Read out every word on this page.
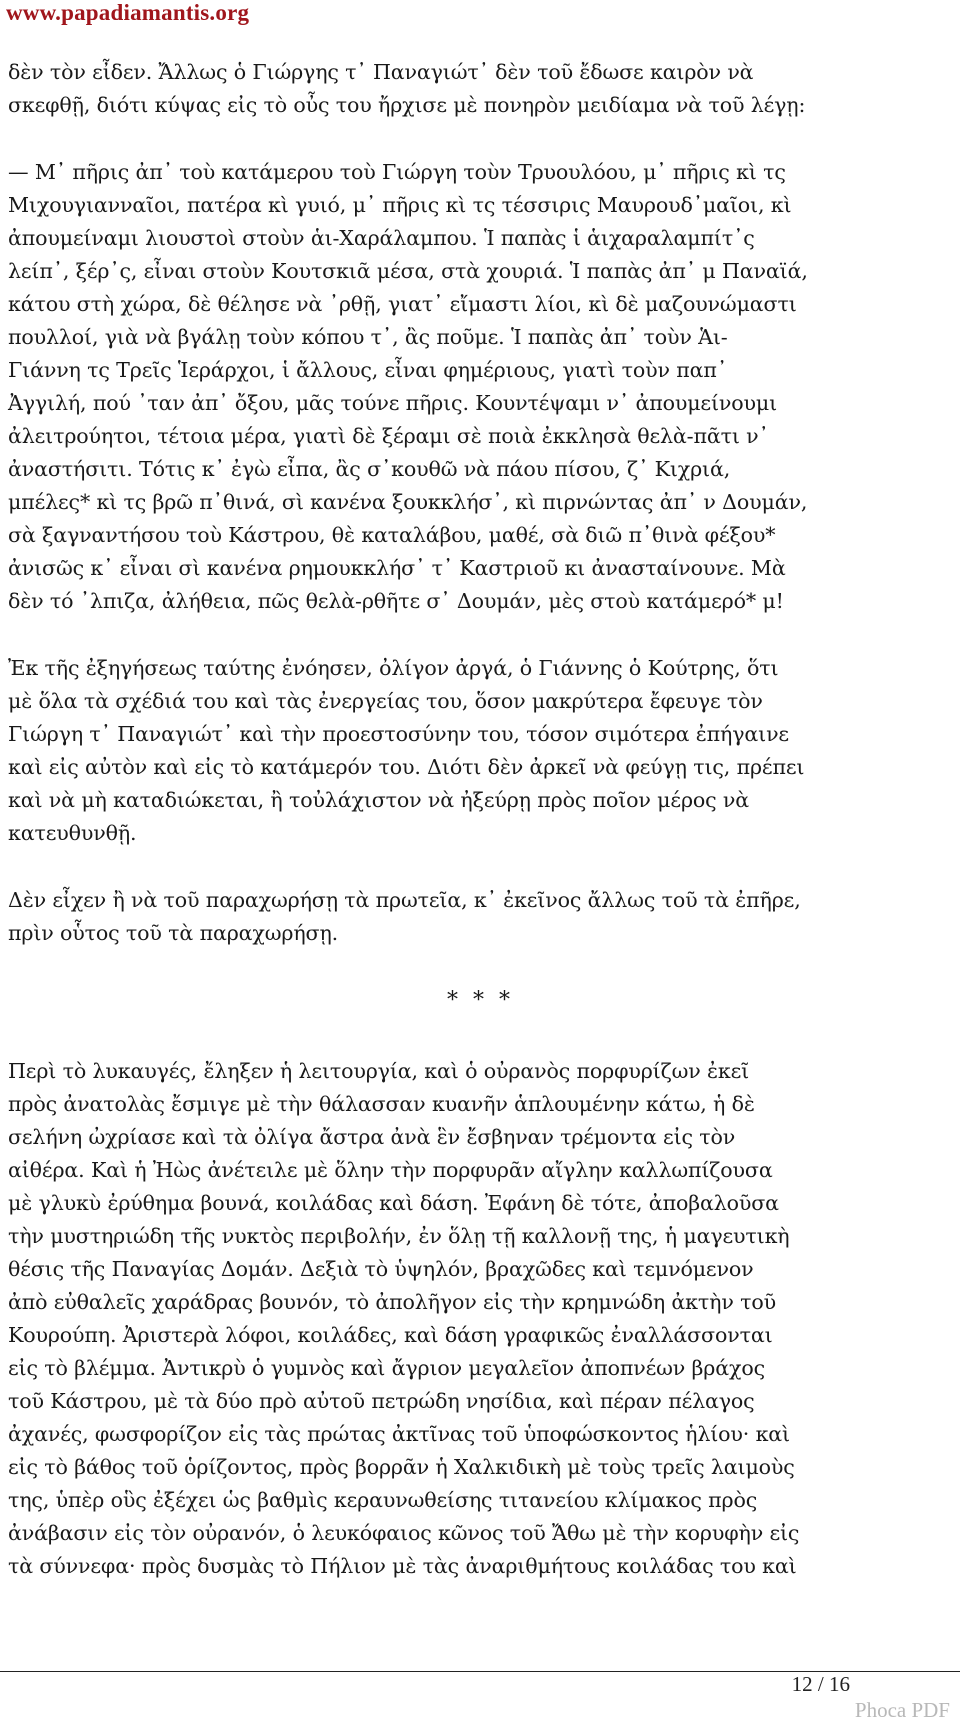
www.papadiamantis.org

δὲν τὸν εἶδεν. Ἄλλως ὁ Γιώργης τ᾽ Παναγιώτ᾽ δὲν τοῦ ἔδωσε καιρὸν νὰ
σκεφθῇ, διότι κύψας εἰς τὸ οὖς του ἤρχισε μὲ πονηρὸν μειδίαμα νὰ τοῦ λέγῃ:

— Μ᾽ πῆρις ἀπ᾽ τοὺ κατάμερου τοὺ Γιώργη τοὺν Τρυουλόου, μ᾽ πῆρις κὶ τς
Μιχουγιανναῖοι, πατέρα κὶ γυιό, μ᾽ πῆρις κὶ τς τέσσιρις Μαυρουδ᾽μαῖοι, κὶ
ἀπουμείναμι λιουστοὶ στοὺν ἁι-Χαράλαμπου. Ἱ παπὰς ἱ ἁιχαραλαμπίτ᾽ς
λείπ᾽, ξέρ᾽ς, εἶναι στοὺν Κουτσκιᾶ μέσα, στὰ χουριά. Ἱ παπὰς ἀπ᾽ μ Παναϊά,
κάτου στὴ χώρα, δὲ θέλησε νὰ ᾽ρθῇ, γιατ᾽ εἴμαστι λίοι, κὶ δὲ μαζουνώμαστι
πουλλοί, γιὰ νὰ βγάλῃ τοὺν κόπου τ᾽, ἂς ποῦμε. Ἱ παπὰς ἀπ᾽ τοὺν Ἁι-
Γιάννη τς Τρεῖς Ἱεράρχοι, ἱ ἄλλους, εἶναι φημέριους, γιατὶ τοὺν παπ᾽
Ἀγγιλή, πού ᾽ταν ἀπ᾽ ὄξου, μᾶς τούνε πῆρις. Κουντέψαμι ν᾽ ἀπουμείνουμι
ἀλειτρούητοι, τέτοια μέρα, γιατὶ δὲ ξέραμι σὲ ποιὰ ἐκκλησὰ θελὰ-πᾶτι ν᾽
ἀναστήσιτι. Τότις κ᾽ ἐγὼ εἶπα, ἂς σ᾽κουθῶ νὰ πάου πίσου, ζ᾽ Κιχριά,
μπέλες* κὶ τς βρῶ π᾽θινά, σὶ κανένα ξουκκλήσ᾽, κὶ πιρνώντας ἀπ᾽ ν Δουμάν,
σὰ ξαγναντήσου τοὺ Κάστρου, θὲ καταλάβου, μαθέ, σὰ διῶ π᾽θινὰ φέξου*
ἀνισῶς κ᾽ εἶναι σὶ κανένα ρημουκκλήσ᾽ τ᾽ Καστριοῦ κι ἀνασταίνουνε. Μὰ
δὲν τό ᾽λπιζα, ἀλήθεια, πῶς θελὰ-ρθῆτε σ᾽ Δουμάν, μὲς στοὺ κατάμερό* μ!

Ἐκ τῆς ἐξηγήσεως ταύτης ἐνόησεν, ὀλίγον ἀργά, ὁ Γιάννης ὁ Κούτρης, ὅτι
μὲ ὅλα τὰ σχέδιά του καὶ τὰς ἐνεργείας του, ὅσον μακρύτερα ἔφευγε τὸν
Γιώργη τ᾽ Παναγιώτ᾽ καὶ τὴν προεστοσύνην του, τόσον σιμότερα ἐπήγαινε
καὶ εἰς αὐτὸν καὶ εἰς τὸ κατάμερόν του. Διότι δὲν ἀρκεῖ νὰ φεύγῃ τις, πρέπει
καὶ νὰ μὴ καταδιώκεται, ἢ τοὐλάχιστον νὰ ἠξεύρῃ πρὸς ποῖον μέρος νὰ
κατευθυνθῇ.

Δὲν εἶχεν ἢ νὰ τοῦ παραχωρήσῃ τὰ πρωτεῖα, κ᾽ ἐκεῖνος ἄλλως τοῦ τὰ ἐπῆρε,
πρὶν οὗτος τοῦ τὰ παραχωρήσῃ.

* * *

Περὶ τὸ λυκαυγές, ἔληξεν ἡ λειτουργία, καὶ ὁ οὐρανὸς πορφυρίζων ἐκεῖ
πρὸς ἀνατολὰς ἔσμιγε μὲ τὴν θάλασσαν κυανῆν ἁπλουμένην κάτω, ἡ δὲ
σελήνη ὠχρίασε καὶ τὰ ὀλίγα ἄστρα ἀνὰ ἓν ἔσβηναν τρέμοντα εἰς τὸν
αἰθέρα. Καὶ ἡ Ἠὼς ἀνέτειλε μὲ ὅλην τὴν πορφυρᾶν αἴγλην καλλωπίζουσα
μὲ γλυκὺ ἐρύθημα βουνά, κοιλάδας καὶ δάση. Ἐφάνη δὲ τότε, ἀποβαλοῦσα
τὴν μυστηριώδη τῆς νυκτὸς περιβολήν, ἐν ὅλῃ τῇ καλλονῇ της, ἡ μαγευτικὴ
θέσις τῆς Παναγίας Δομάν. Δεξιὰ τὸ ὑψηλόν, βραχῶδες καὶ τεμνόμενον
ἀπὸ εὐθαλεῖς χαράδρας βουνόν, τὸ ἀπολῆγον εἰς τὴν κρημνώδη ἀκτὴν τοῦ
Κουρούπη. Ἀριστερὰ λόφοι, κοιλάδες, καὶ δάση γραφικῶς ἐναλλάσσονται
εἰς τὸ βλέμμα. Ἀντικρὺ ὁ γυμνὸς καὶ ἄγριον μεγαλεῖον ἀποπνέων βράχος
τοῦ Κάστρου, μὲ τὰ δύο πρὸ αὐτοῦ πετρώδη νησίδια, καὶ πέραν πέλαγος
ἀχανές, φωσφορίζον εἰς τὰς πρώτας ἀκτῖνας τοῦ ὑποφώσκοντος ἡλίου· καὶ
εἰς τὸ βάθος τοῦ ὁρίζοντος, πρὸς βορρᾶν ἡ Χαλκιδικὴ μὲ τοὺς τρεῖς λαιμοὺς
της, ὑπὲρ οὓς ἐξέχει ὡς βαθμὶς κεραυνωθείσης τιτανείου κλίμακος πρὸς
ἀνάβασιν εἰς τὸν οὐρανόν, ὁ λευκόφαιος κῶνος τοῦ Ἄθω μὲ τὴν κορυφὴν εἰς
τὰ σύννεφα· πρὸς δυσμὰς τὸ Πήλιον μὲ τὰς ἀναριθμήτους κοιλάδας του καὶ

12 / 16
Phoca PDF
